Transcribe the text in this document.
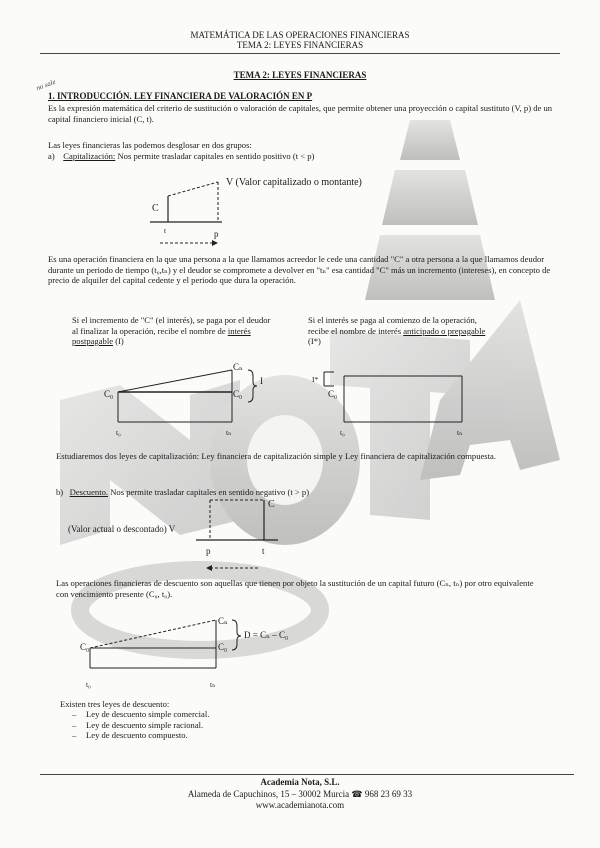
MATEMÁTICA DE LAS OPERACIONES FINANCIERAS
TEMA 2: LEYES FINANCIERAS
TEMA 2: LEYES FINANCIERAS
no sale
1. INTRODUCCIÓN. LEY FINANCIERA DE VALORACIÓN EN P
Es la expresión matemática del criterio de sustitución o valoración de capitales, que permite obtener una proyección o capital sustituto (V, p) de un capital financiero inicial (C, t).
Las leyes financieras las podemos desglosar en dos grupos:
a) Capitalización: Nos permite trasladar capitales en sentido positivo (t < p)
V (Valor capitalizado o montante)
C
t	p
Es una operación financiera en la que una persona a la que llamamos acreedor le cede una cantidad "C" a otra persona a la que llamamos deudor durante un periodo de tiempo (t₀,tₙ) y el deudor se compromete a devolver en "tₙ" esa cantidad "C" más un incremento (intereses), en concepto de precio de alquiler del capital cedente y el periodo que dura la operación.
Si el incremento de "C" (el interés), se paga por el deudor al finalizar la operación, recibe el nombre de interés postpagable (I)
Si el interés se paga al comienzo de la operación, recibe el nombre de interés anticipado o prepagable (I*)
Cₙ
C₀
I
C₀
t₀	tₙ
I*
C₀
t₀	tₙ
Estudiaremos dos leyes de capitalización: Ley financiera de capitalización simple y Ley financiera de capitalización compuesta.
b) Descuento. Nos permite trasladar capitales en sentido negativo (t > p)
(Valor actual o descontado) V
C
p	t
Las operaciones financieras de descuento son aquellas que tienen por objeto la sustitución de un capital futuro (Cₙ, tₙ) por otro equivalente con vencimiento presente (C₀, t₀).
Cₙ
C₀
C₀
D = Cₙ – C₀
t₀	tₙ
Existen tres leyes de descuento:
– Ley de descuento simple comercial.
– Ley de descuento simple racional.
– Ley de descuento compuesto.
Academia Nota, S.L.
Alameda de Capuchinos, 15 – 30002 Murcia ☎ 968 23 69 33
www.academianota.com
